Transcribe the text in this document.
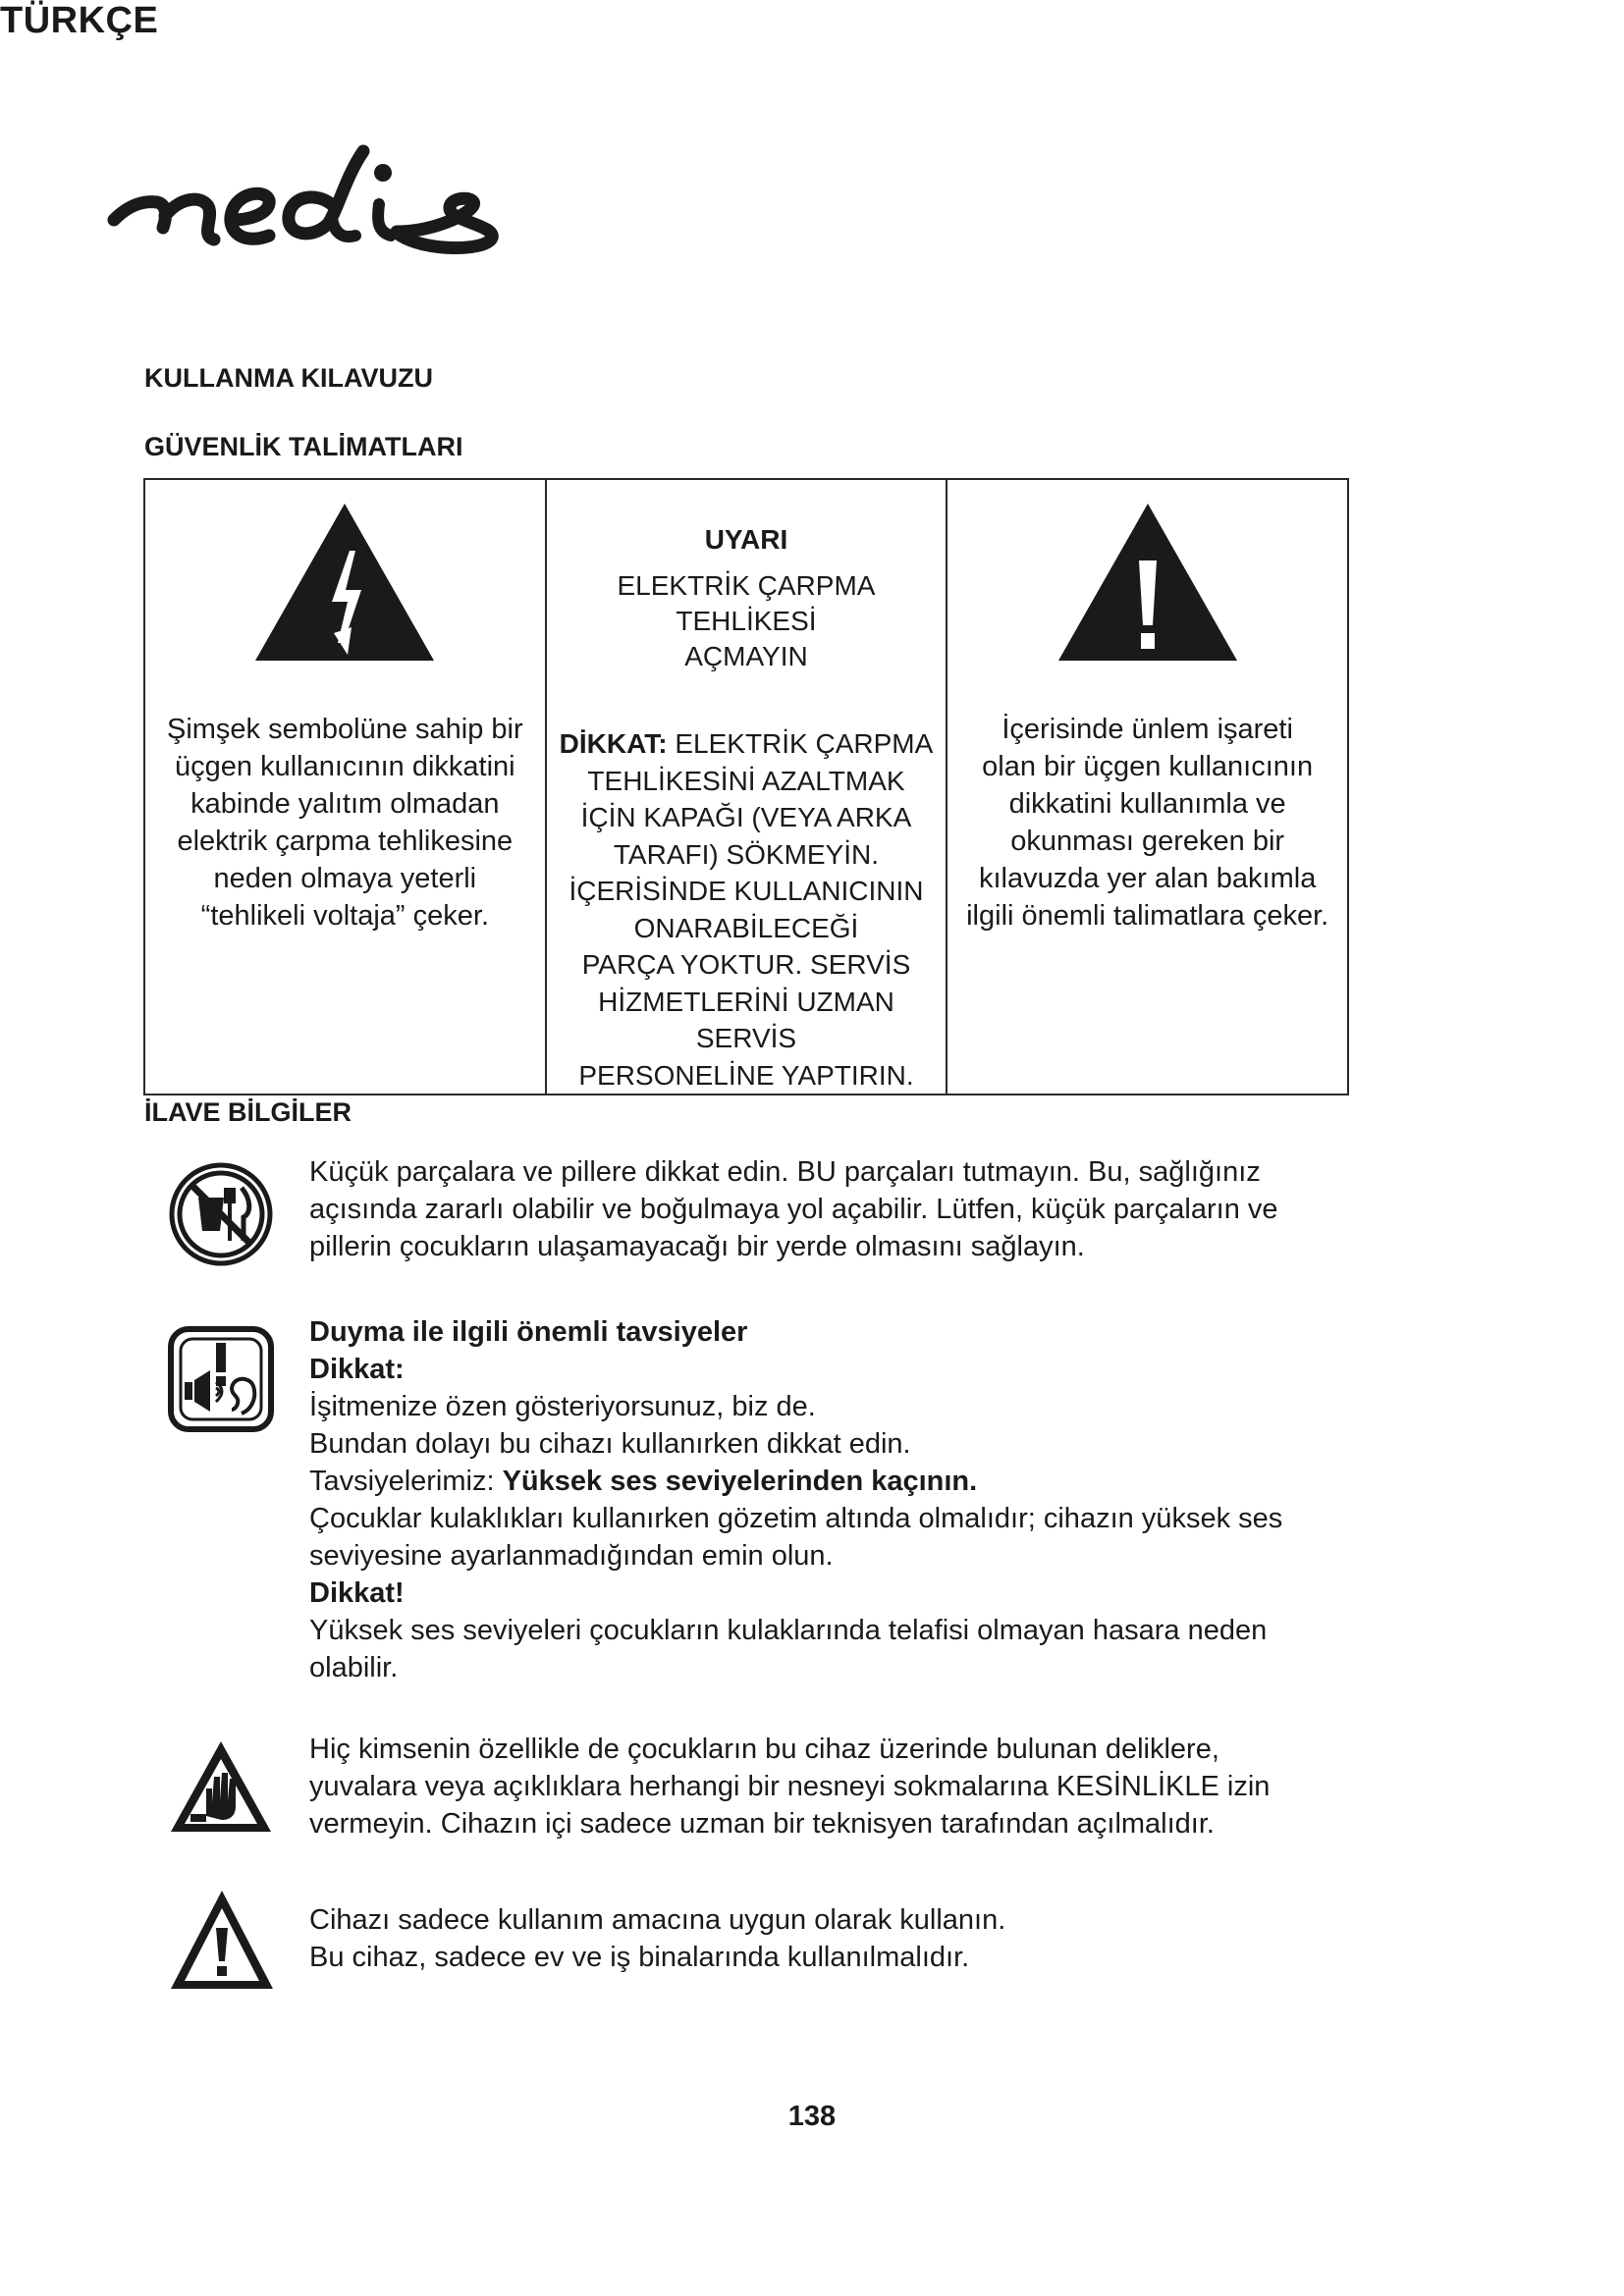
TÜRKÇE
KULLANMA KILAVUZU
GÜVENLİK TALİMATLARI
Şimşek sembolüne sahip bir
üçgen kullanıcının dikkatini
kabinde yalıtım olmadan
elektrik çarpma tehlikesine
neden olmaya yeterli
“tehlikeli voltaja” çeker.

UYARI
ELEKTRİK ÇARPMA TEHLİKESİ
AÇMAYIN
DİKKAT: ELEKTRİK ÇARPMA
TEHLİKESİNİ AZALTMAK
İÇİN KAPAĞI (VEYA ARKA
TARAFI) SÖKMEYİN.
İÇERİSİNDE KULLANICININ
ONARABİLECEĞİ
PARÇA YOKTUR. SERVİS
HİZMETLERİNİ UZMAN SERVİS
PERSONELİNE YAPTIRIN.

İçerisinde ünlem işareti
olan bir üçgen kullanıcının
dikkatini kullanımla ve
okunması gereken bir
kılavuzda yer alan bakımla
ilgili önemli talimatlara çeker.
İLAVE BİLGİLER

Küçük parçalara ve pillere dikkat edin. BU parçaları tutmayın. Bu, sağlığınız

açısında zararlı olabilir ve boğulmaya yol açabilir. Lütfen, küçük parçaların ve

pillerin çocukların ulaşamayacağı bir yerde olmasını sağlayın.

Duyma ile ilgili önemli tavsiyeler

Dikkat:

İşitmenize özen gösteriyorsunuz, biz de.

Bundan dolayı bu cihazı kullanırken dikkat edin.

Tavsiyelerimiz: Yüksek ses seviyelerinden kaçının.

Çocuklar kulaklıkları kullanırken gözetim altında olmalıdır; cihazın yüksek ses

seviyesine ayarlanmadığından emin olun.

Dikkat!

Yüksek ses seviyeleri çocukların kulaklarında telafisi olmayan hasara neden

olabilir.

Hiç kimsenin özellikle de çocukların bu cihaz üzerinde bulunan deliklere,

yuvalara veya açıklıklara herhangi bir nesneyi sokmalarına KESİNLİKLE izin

vermeyin. Cihazın içi sadece uzman bir teknisyen tarafından açılmalıdır.

Cihazı sadece kullanım amacına uygun olarak kullanın.

Bu cihaz, sadece ev ve iş binalarında kullanılmalıdır.

138
